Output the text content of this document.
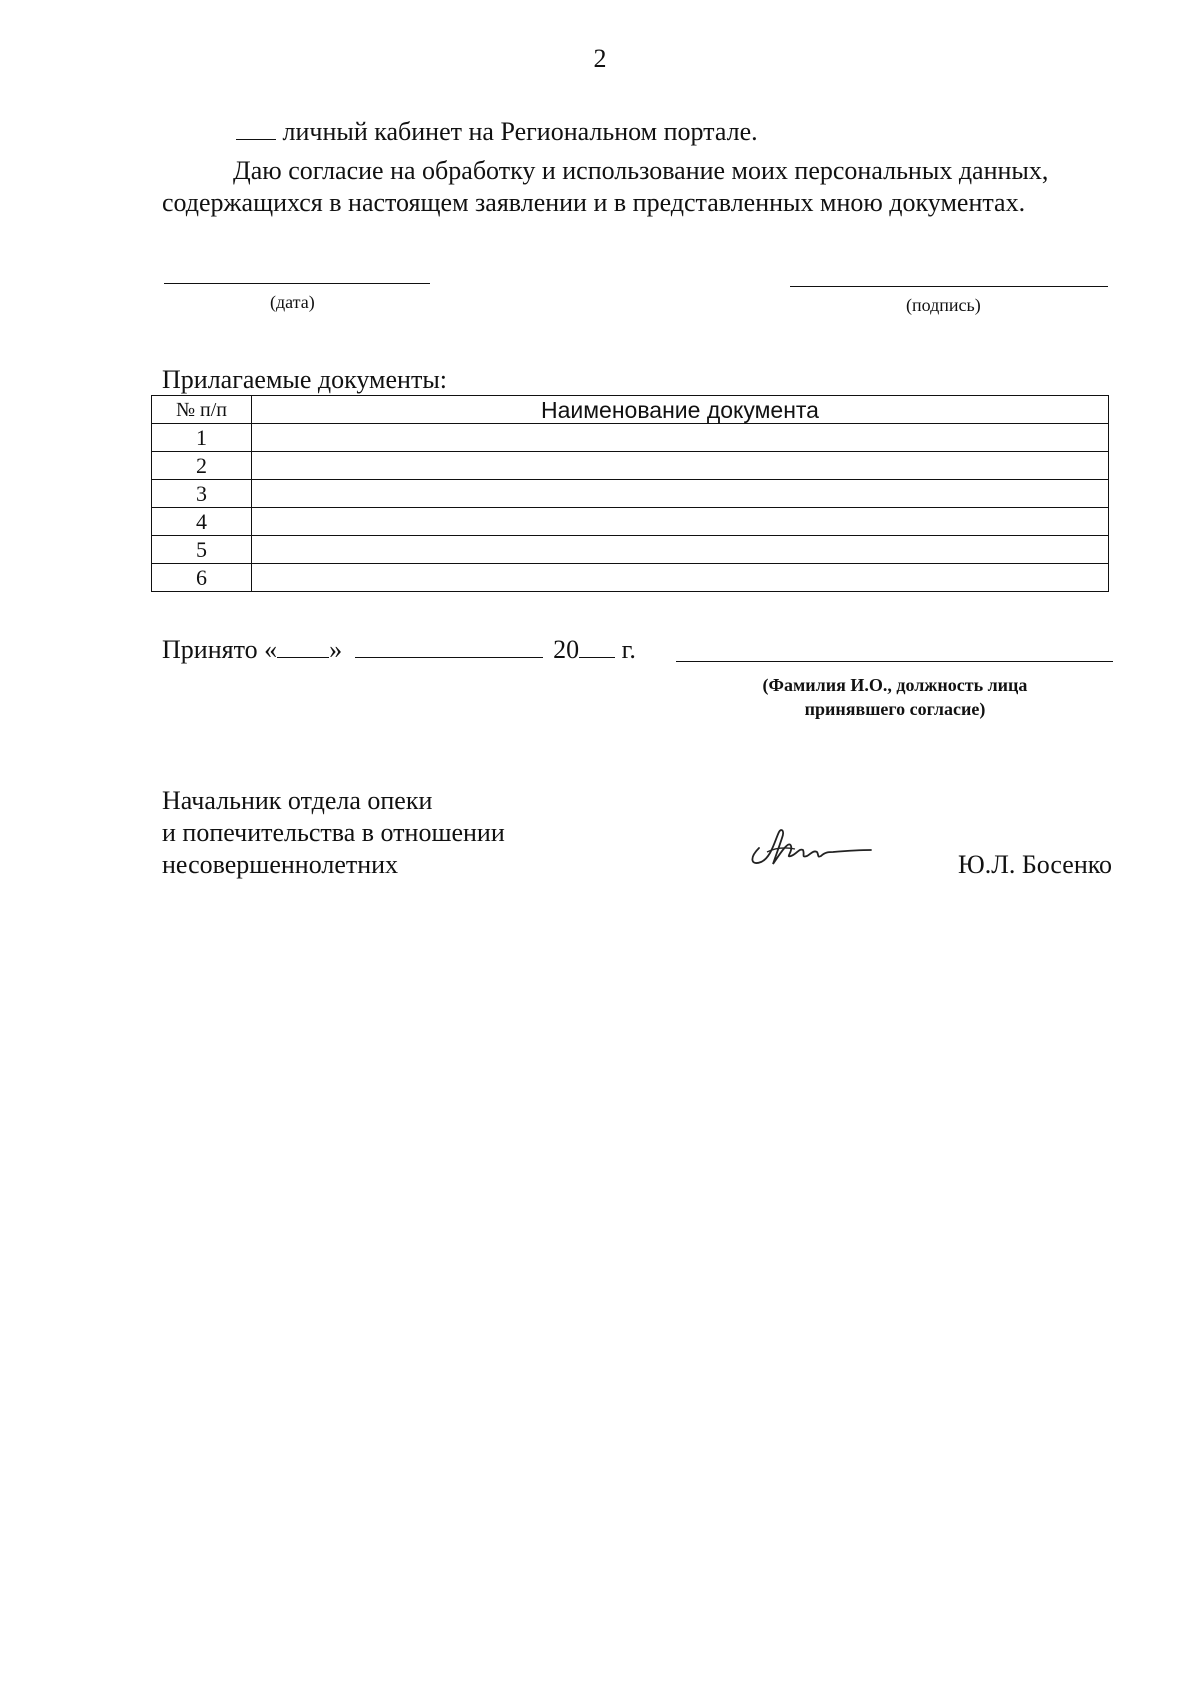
2
личный кабинет на Региональном портале.
Даю согласие на обработку и использование моих персональных данных,
содержащихся в настоящем заявлении и в представленных мною документах.
(дата)	(подпись)
Прилагаемые документы:
№ п/п	Наименование документа
1	
2	
3	
4	
5	
6	
Принято « »	20 г.
(Фамилия И.О., должность лица
принявшего согласие)
Начальник отдела опеки
и попечительства в отношении
несовершеннолетних	Ю.Л. Босенко
